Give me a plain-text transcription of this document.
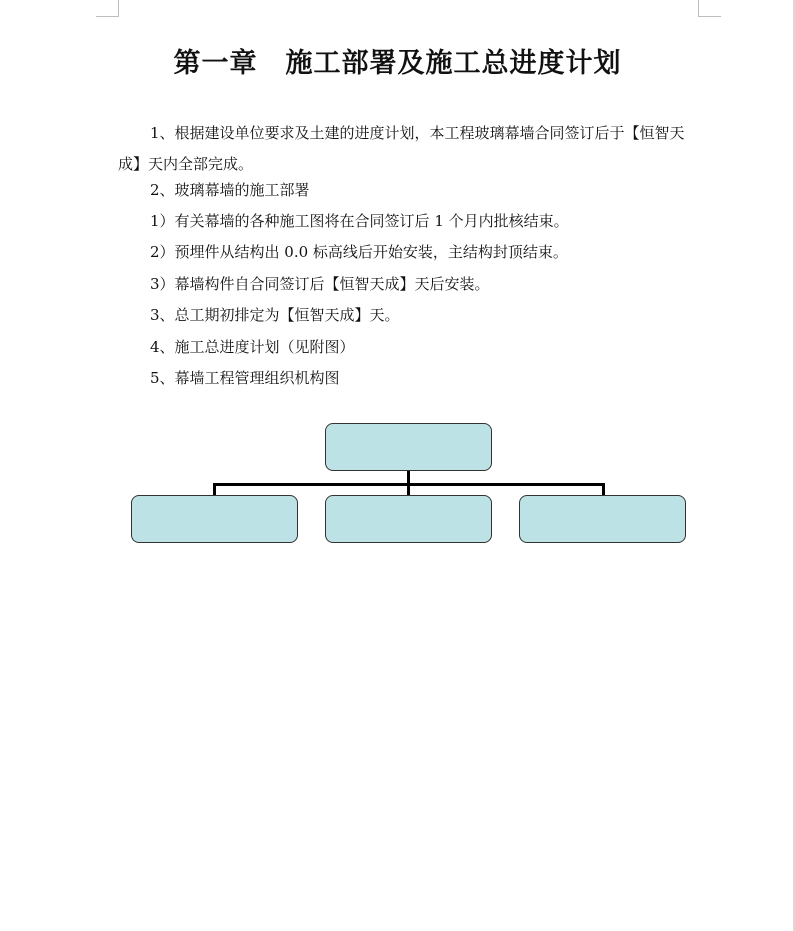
第一章　施工部署及施工总进度计划
1、根据建设单位要求及土建的进度计划，本工程玻璃幕墙合同签订后于【恒智天成】天内全部完成。
2、玻璃幕墙的施工部署
1）有关幕墙的各种施工图将在合同签订后 1 个月内批核结束。
2）预埋件从结构出 0.0 标高线后开始安装，主结构封顶结束。
3）幕墙构件自合同签订后【恒智天成】天后安装。
3、总工期初排定为【恒智天成】天。
4、施工总进度计划（见附图）
5、幕墙工程管理组织机构图
